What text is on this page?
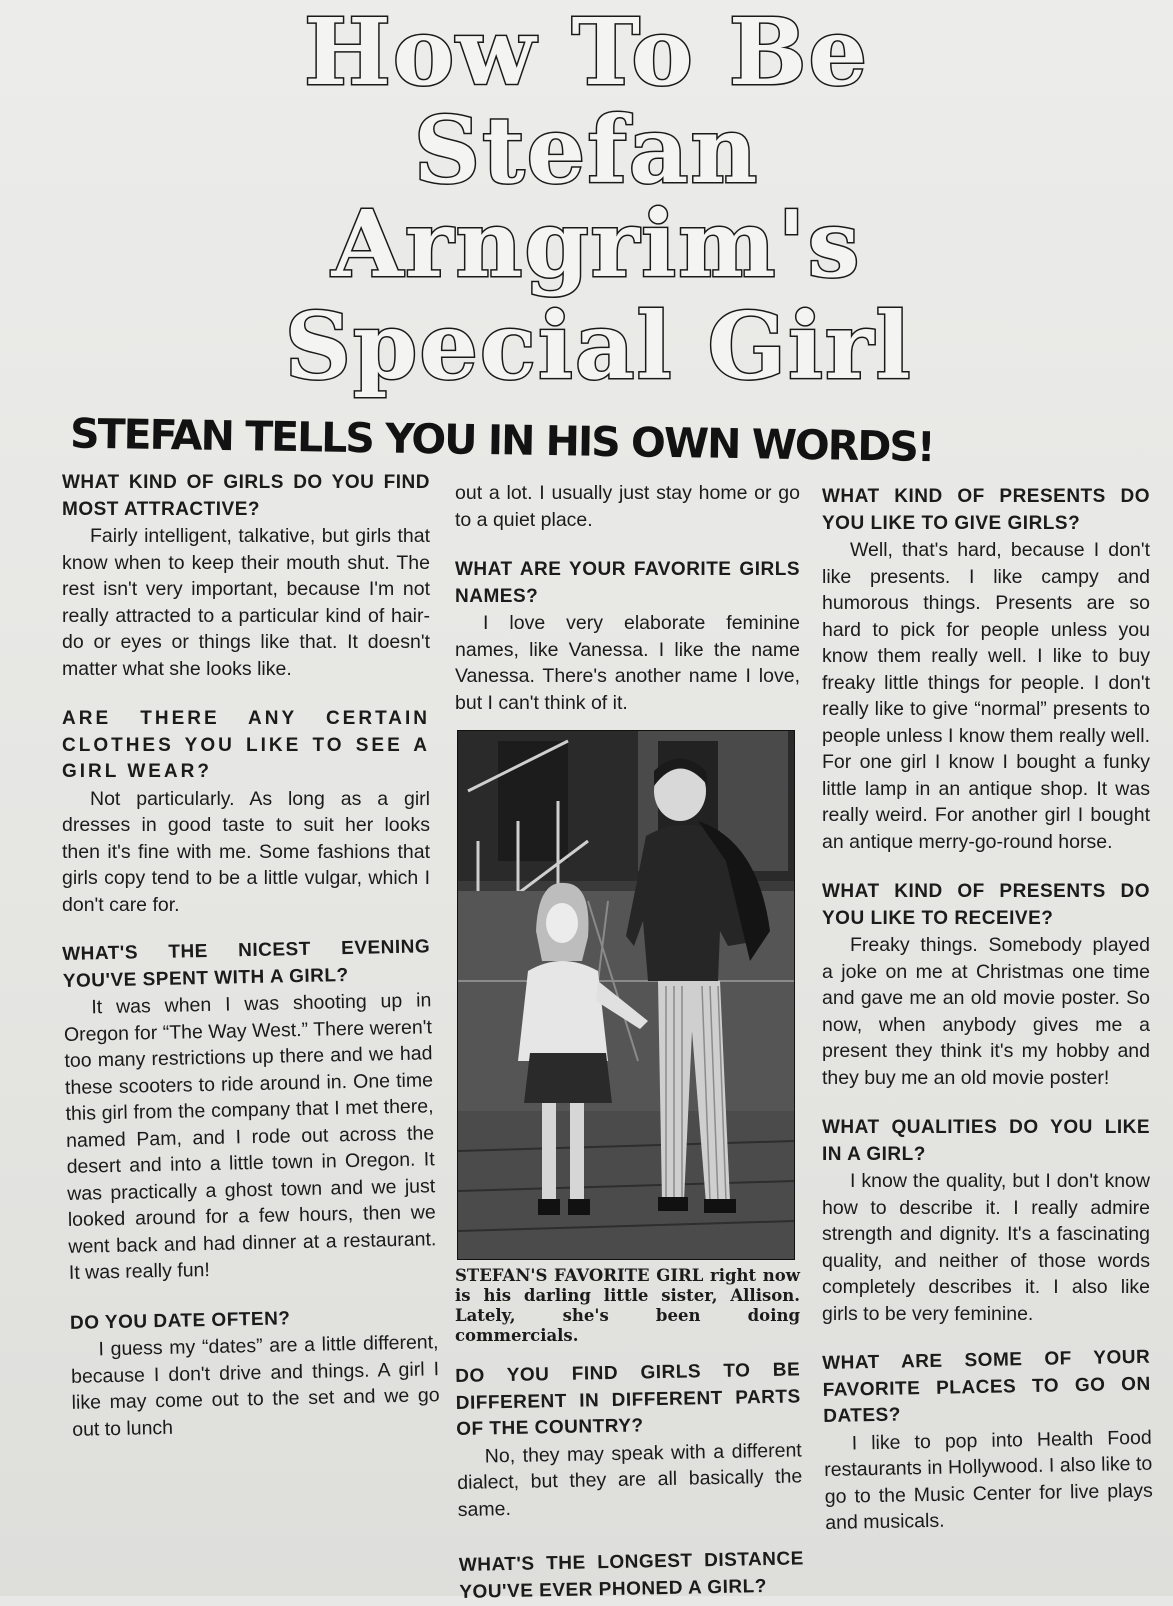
How To Be
Stefan
Arngrim's
Special Girl
STEFAN TELLS YOU IN HIS OWN WORDS!

WHAT KIND OF GIRLS DO YOU FIND MOST ATTRACTIVE?

Fairly intelligent, talkative, but girls that know when to keep their mouth shut. The rest isn't very important, because I'm not really attracted to a particular kind of hair-do or eyes or things like that. It doesn't matter what she looks like.

ARE THERE ANY CERTAIN CLOTHES YOU LIKE TO SEE A GIRL WEAR?

Not particularly. As long as a girl dresses in good taste to suit her looks then it's fine with me. Some fashions that girls copy tend to be a little vulgar, which I don't care for.

WHAT'S THE NICEST EVENING YOU'VE SPENT WITH A GIRL?

It was when I was shooting up in Oregon for “The Way West.” There weren't too many restrictions up there and we had these scooters to ride around in. One time this girl from the company that I met there, named Pam, and I rode out across the desert and into a little town in Oregon. It was practically a ghost town and we just looked around for a few hours, then we went back and had dinner at a restaurant. It was really fun!

DO YOU DATE OFTEN?

I guess my “dates” are a little different, because I don't drive and things. A girl I like may come out to the set and we go out to lunch

out a lot. I usually just stay home or go to a quiet place.

WHAT ARE YOUR FAVORITE GIRLS NAMES?

I love very elaborate feminine names, like Vanessa. I like the name Vanessa. There's another name I love, but I can't think of it.

STEFAN'S FAVORITE GIRL right now is his darling little sister, Allison. Lately, she's been doing commercials.

DO YOU FIND GIRLS TO BE DIFFERENT IN DIFFERENT PARTS OF THE COUNTRY?

No, they may speak with a different dialect, but they are all basically the same.

WHAT'S THE LONGEST DISTANCE YOU'VE EVER PHONED A GIRL?

WHAT KIND OF PRESENTS DO YOU LIKE TO GIVE GIRLS?

Well, that's hard, because I don't like presents. I like campy and humorous things. Presents are so hard to pick for people unless you know them really well. I like to buy freaky little things for people. I don't really like to give “normal” presents to people unless I know them really well. For one girl I know I bought a funky little lamp in an antique shop. It was really weird. For another girl I bought an antique merry-go-round horse.

WHAT KIND OF PRESENTS DO YOU LIKE TO RECEIVE?

Freaky things. Somebody played a joke on me at Christmas one time and gave me an old movie poster. So now, when anybody gives me a present they think it's my hobby and they buy me an old movie poster!

WHAT QUALITIES DO YOU LIKE IN A GIRL?

I know the quality, but I don't know how to describe it. I really admire strength and dignity. It's a fascinating quality, and neither of those words completely describes it. I also like girls to be very feminine.

WHAT ARE SOME OF YOUR FAVORITE PLACES TO GO ON DATES?

I like to pop into Health Food restaurants in Hollywood. I also like to go to the Music Center for live plays and musicals.
